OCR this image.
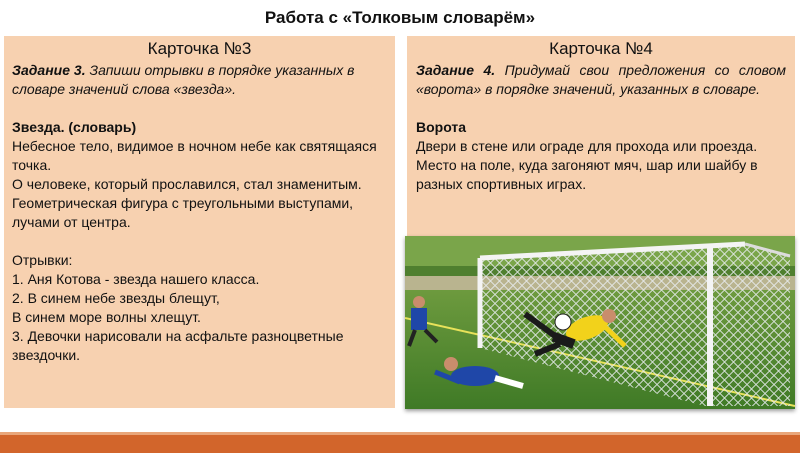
Работа с «Толковым словарём»
Карточка №3

Задание 3. Запиши отрывки в порядке указанных в словаре значений слова «звезда».

Звезда. (словарь)

Небесное тело, видимое в ночном небе как святящаяся точка.

О человеке, который прославился, стал знаменитым.

Геометрическая фигура с треугольными выступами, лучами от центра.

Отрывки:

1. Аня Котова - звезда нашего класса.

2. В синем небе звезды блещут,

В синем море волны хлещут.

3. Девочки нарисовали на асфальте разноцветные звездочки.

Карточка №4

Задание 4. Придумай свои предложения со словом «ворота» в порядке значений, указанных в словаре.

Ворота

Двери в стене или ограде для прохода или проезда.

Место на поле, куда загоняют мяч, шар или шайбу в разных спортивных играх.
